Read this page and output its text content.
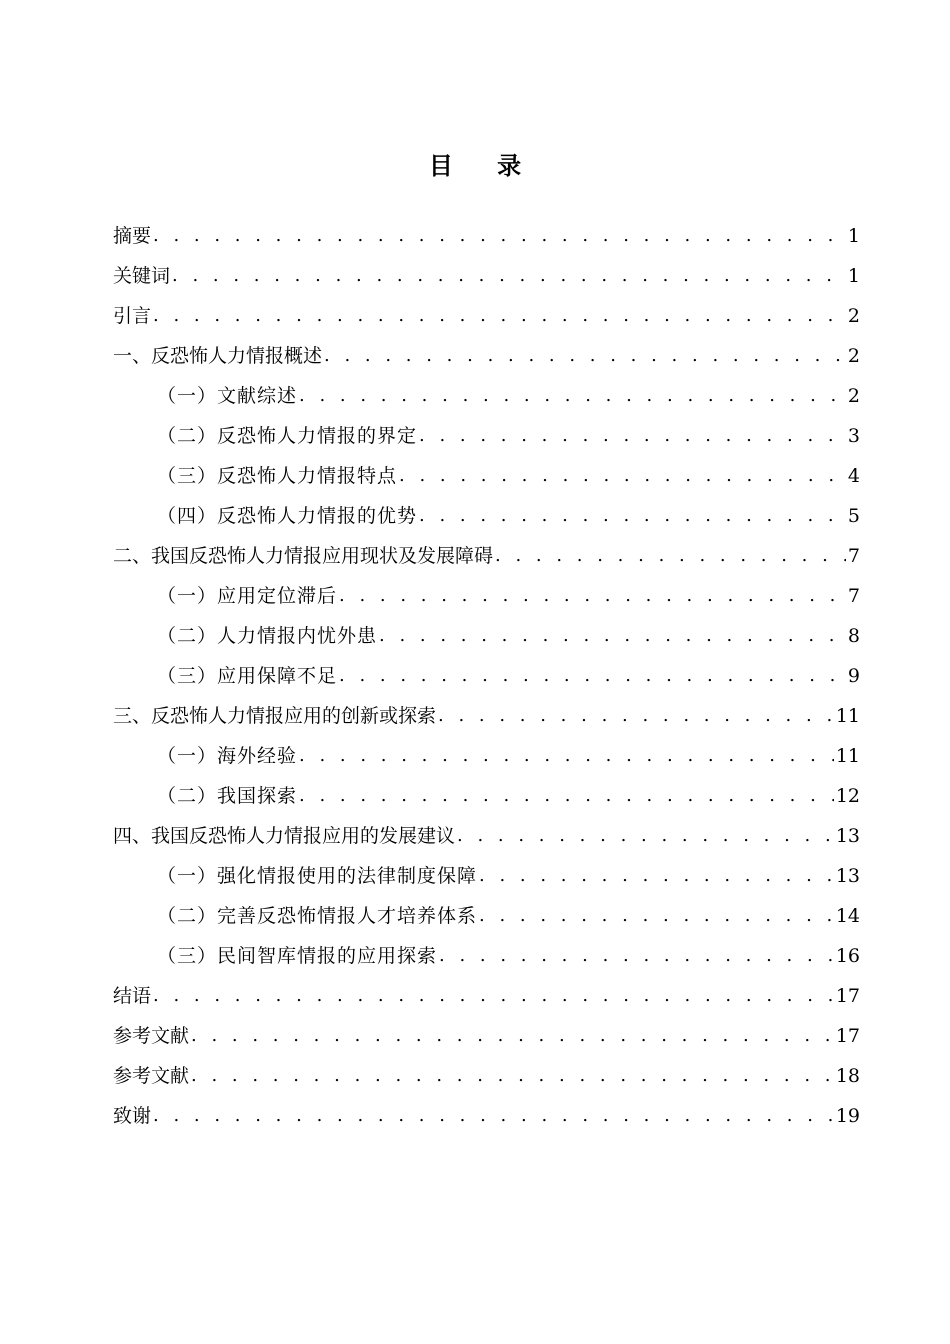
目 录
摘要 . . .	1
关键词 . . .	1
引言 . . .	2
一、反恐怖人力情报概述 . . .	2
（一）文献综述 . . .	2
（二）反恐怖人力情报的界定 . . .	3
（三）反恐怖人力情报特点 . . .	4
（四）反恐怖人力情报的优势 . . .	5
二、我国反恐怖人力情报应用现状及发展障碍 . . .	7
（一）应用定位滞后 . . .	7
（二）人力情报内忧外患 . . .	8
（三）应用保障不足 . . .	9
三、反恐怖人力情报应用的创新或探索 . . .	11
（一）海外经验 . . .	11
（二）我国探索 . . .	12
四、我国反恐怖人力情报应用的发展建议 . . .	13
（一）强化情报使用的法律制度保障 . . .	13
（二）完善反恐怖情报人才培养体系 . . .	14
（三）民间智库情报的应用探索 . . .	16
结语 . . .	17
参考文献 . . .	17
参考文献 . . .	18
致谢 . . .	19
